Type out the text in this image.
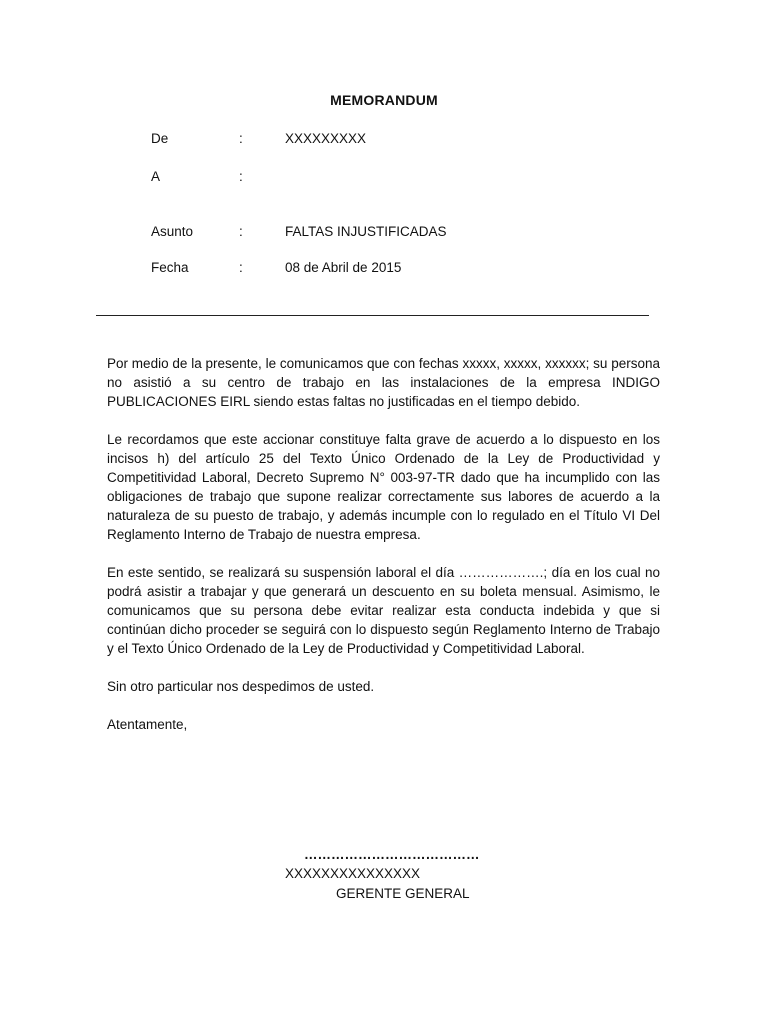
MEMORANDUM
De	:	XXXXXXXXX
A	:
Asunto	:	FALTAS INJUSTIFICADAS
Fecha	:	08 de Abril de 2015

Por medio de la presente, le comunicamos que con fechas xxxxx, xxxxx, xxxxxx; su persona no asistió a su centro de trabajo en las instalaciones de la empresa INDIGO PUBLICACIONES EIRL siendo estas faltas no justificadas en el tiempo debido.

Le recordamos que este accionar constituye falta grave de acuerdo a lo dispuesto en los incisos h) del artículo 25 del Texto Único Ordenado de la Ley de Productividad y Competitividad Laboral, Decreto Supremo N° 003-97-TR dado que ha incumplido con las obligaciones de trabajo que supone realizar correctamente sus labores de acuerdo a la naturaleza de su puesto de trabajo, y además incumple con lo regulado en el Título VI Del Reglamento Interno de Trabajo de nuestra empresa.

En este sentido, se realizará su suspensión laboral el día ……………….; día en los cual no podrá asistir a trabajar y que generará un descuento en su boleta mensual. Asimismo, le comunicamos que su persona debe evitar realizar esta conducta indebida y que si continúan dicho proceder se seguirá con lo dispuesto según Reglamento Interno de Trabajo y el Texto Único Ordenado de la Ley de Productividad y Competitividad Laboral.

Sin otro particular nos despedimos de usted.

Atentamente,

…………………………………
XXXXXXXXXXXXXXX
GERENTE GENERAL
